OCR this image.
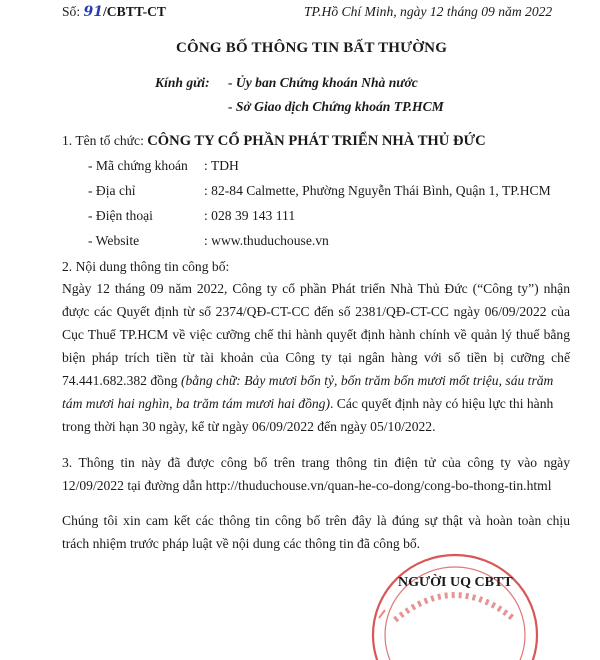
Số: 91/CBTT-CT	TP.Hồ Chí Minh, ngày 12 tháng 09 năm 2022
CÔNG BỐ THÔNG TIN BẤT THƯỜNG
Kính gửi: - Ủy ban Chứng khoán Nhà nước
- Sở Giao dịch Chứng khoán TP.HCM
1. Tên tổ chức: CÔNG TY CỔ PHẦN PHÁT TRIỂN NHÀ THỦ ĐỨC
- Mã chứng khoán : TDH
- Địa chỉ	: 82-84 Calmette, Phường Nguyễn Thái Bình, Quận 1, TP.HCM
- Điện thoại	: 028 39 143 111
- Website	: www.thuduchouse.vn
2. Nội dung thông tin công bố:
Ngày 12 tháng 09 năm 2022, Công ty cổ phần Phát triển Nhà Thủ Đức (“Công ty”) nhận
được các Quyết định từ số 2374/QĐ-CT-CC đến số 2381/QĐ-CT-CC ngày 06/09/2022 của
Cục Thuế TP.HCM về việc cưỡng chế thi hành quyết định hành chính về quản lý thuế bằng
biện pháp trích tiền từ tài khoản của Công ty tại ngân hàng với số tiền bị cưỡng chế
74.441.682.382 đồng (bằng chữ: Bảy mươi bốn tỷ, bốn trăm bốn mươi mốt triệu, sáu trăm
tám mươi hai nghìn, ba trăm tám mươi hai đồng). Các quyết định này có hiệu lực thi hành
trong thời hạn 30 ngày, kể từ ngày 06/09/2022 đến ngày 05/10/2022.
3. Thông tin này đã được công bố trên trang thông tin điện tử của công ty vào ngày
12/09/2022 tại đường dẫn http://thuduchouse.vn/quan-he-co-dong/cong-bo-thong-tin.html
Chúng tôi xin cam kết các thông tin công bố trên đây là đúng sự thật và hoàn toàn chịu
trách nhiệm trước pháp luật về nội dung các thông tin đã công bố.
NGƯỜI UQ CBTT
